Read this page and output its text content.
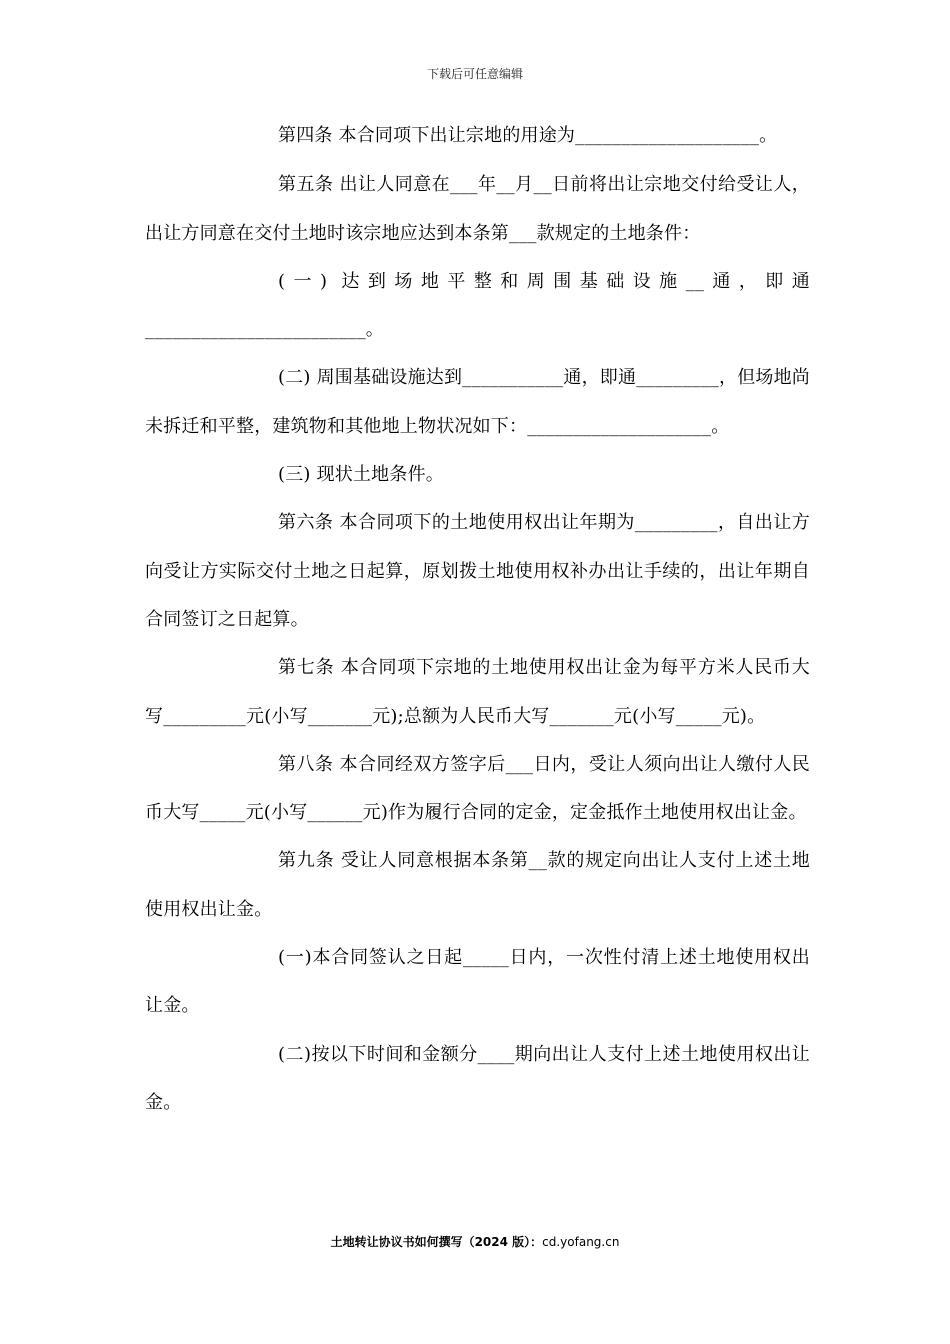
下载后可任意编辑

第四条 本合同项下出让宗地的用途为____________________。

第五条 出让人同意在___年__月__日前将出让宗地交付给受让人，出让方同意在交付土地时该宗地应达到本条第___款规定的土地条件：

(一) 达到场地平整和周围基础设施__通，即通________________________。

(二) 周围基础设施达到___________通，即通_________，但场地尚未拆迁和平整，建筑物和其他地上物状况如下：____________________。

(三) 现状土地条件。

第六条 本合同项下的土地使用权出让年期为_________，自出让方向受让方实际交付土地之日起算，原划拨土地使用权补办出让手续的，出让年期自合同签订之日起算。

第七条 本合同项下宗地的土地使用权出让金为每平方米人民币大写_________元(小写_______元);总额为人民币大写_______元(小写_____元)。

第八条 本合同经双方签字后___日内，受让人须向出让人缴付人民币大写_____元(小写______元)作为履行合同的定金，定金抵作土地使用权出让金。

第九条 受让人同意根据本条第__款的规定向出让人支付上述土地使用权出让金。

(一)本合同签认之日起_____日内，一次性付清上述土地使用权出让金。

(二)按以下时间和金额分____期向出让人支付上述土地使用权出让金。

土地转让协议书如何撰写（2024 版）：cd.yofang.cn
